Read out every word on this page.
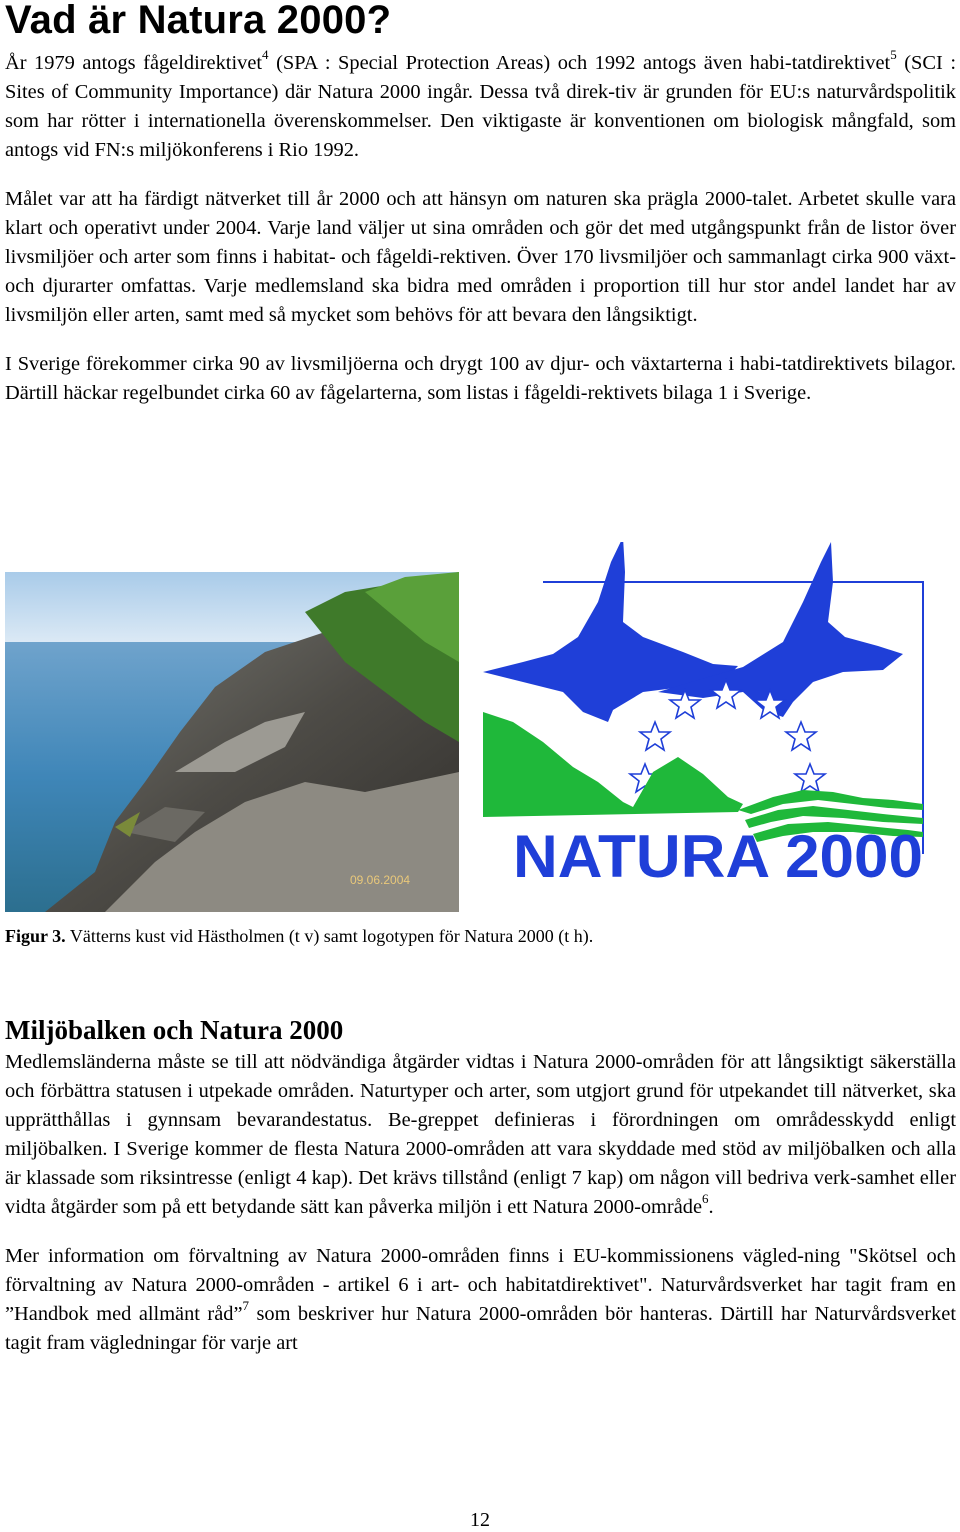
Vad är Natura 2000?

År 1979 antogs fågeldirektivet$^4$ (SPA : Special Protection Areas) och 1992 antogs även habi-tatdirektivet$^5$ (SCI : Sites of Community Importance) där Natura 2000 ingår. Dessa två direk-tiv är grunden för EU:s naturvårdspolitik som har rötter i internationella överenskommelser. Den viktigaste är konventionen om biologisk mångfald, som antogs vid FN:s miljökonferens i Rio 1992.

Målet var att ha färdigt nätverket till år 2000 och att hänsyn om naturen ska prägla 2000-talet. Arbetet skulle vara klart och operativt under 2004. Varje land väljer ut sina områden och gör det med utgångspunkt från de listor över livsmiljöer och arter som finns i habitat- och fågeldi-rektiven. Över 170 livsmiljöer och sammanlagt cirka 900 växt- och djurarter omfattas. Varje medlemsland ska bidra med områden i proportion till hur stor andel landet har av livsmiljön eller arten, samt med så mycket som behövs för att bevara den långsiktigt.

I Sverige förekommer cirka 90 av livsmiljöerna och drygt 100 av djur- och växtarterna i habi-tatdirektivets bilagor. Därtill häckar regelbundet cirka 60 av fågelarterna, som listas i fågeldi-rektivets bilaga 1 i Sverige.

09.06.2004 NATURA 2000
Figur 3. Vätterns kust vid Hästholmen (t v) samt logotypen för Natura 2000 (t h).
Miljöbalken och Natura 2000

Medlemsländerna måste se till att nödvändiga åtgärder vidtas i Natura 2000-områden för att långsiktigt säkerställa och förbättra statusen i utpekade områden. Naturtyper och arter, som utgjort grund för utpekandet till nätverket, ska upprätthållas i gynnsam bevarandestatus. Be-greppet definieras i förordningen om områdesskydd enligt miljöbalken. I Sverige kommer de flesta Natura 2000-områden att vara skyddade med stöd av miljöbalken och alla är klassade som riksintresse (enligt 4 kap). Det krävs tillstånd (enligt 7 kap) om någon vill bedriva verk-samhet eller vidta åtgärder som på ett betydande sätt kan påverka miljön i ett Natura 2000-område$^6$.

Mer information om förvaltning av Natura 2000-områden finns i EU-kommissionens vägled-ning "Skötsel och förvaltning av Natura 2000-områden - artikel 6 i art- och habitatdirektivet". Naturvårdsverket har tagit fram en ”Handbok med allmänt råd”$^7$ som beskriver hur Natura 2000-områden bör hanteras. Därtill har Naturvårdsverket tagit fram vägledningar för varje art

12
